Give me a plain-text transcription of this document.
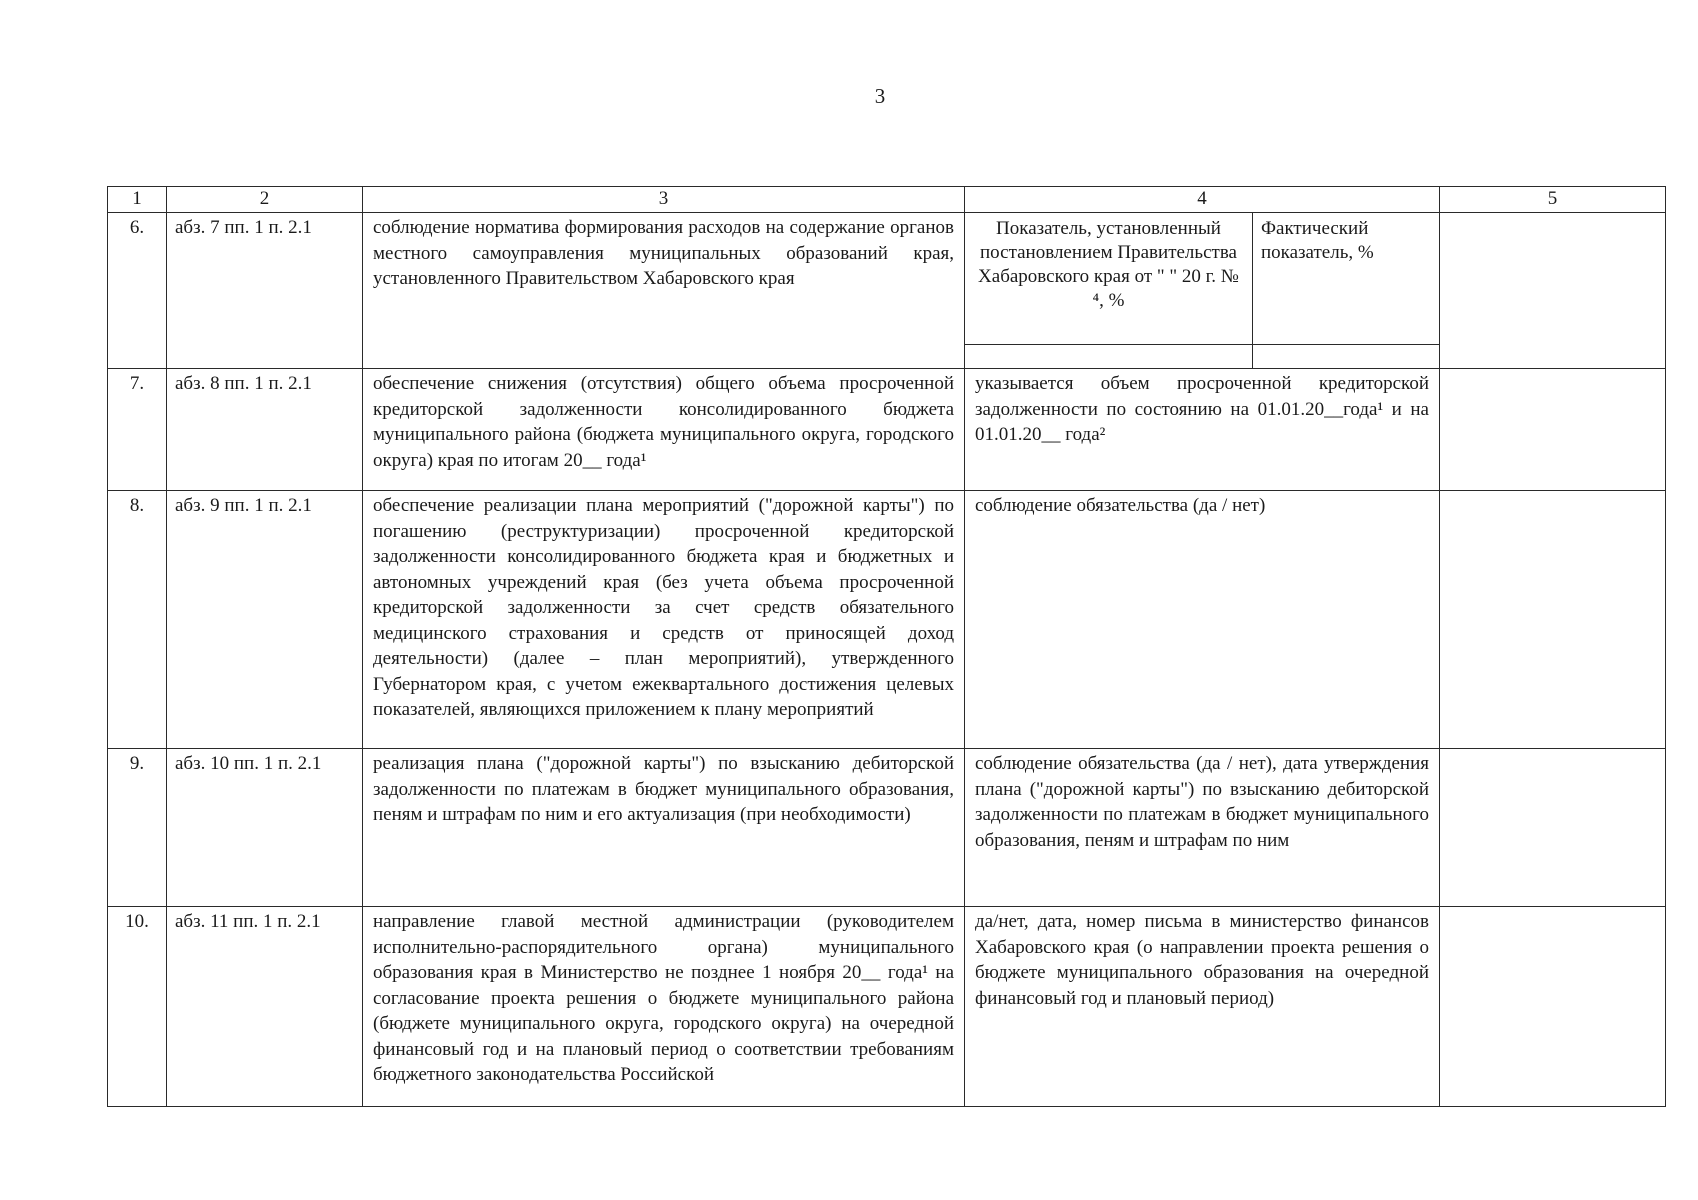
3
1	2	3	4		5
6.	абз. 7 пп. 1 п. 2.1	соблюдение норматива формирования расходов на содержание органов местного самоуправления муниципальных образований края, установленного Правительством Хабаровского края	Показатель, установленный постановлением Правительства Хабаровского края от " " 20 г. № ⁴, %	Фактический показатель, %	

7.	абз. 8 пп. 1 п. 2.1	обеспечение снижения (отсутствия) общего объема просроченной кредиторской задолженности консолидированного бюджета муниципального района (бюджета муниципального округа, городского округа) края по итогам 20__ года¹	указывается объем просроченной кредиторской задолженности по состоянию на 01.01.20__года¹ и на 01.01.20__ года²		
8.	абз. 9 пп. 1 п. 2.1	обеспечение реализации плана мероприятий ("дорожной карты") по погашению (реструктуризации) просроченной кредиторской задолженности консолидированного бюджета края и бюджетных и автономных учреждений края (без учета объема просроченной кредиторской задолженности за счет средств обязательного медицинского страхования и средств от приносящей доход деятельности) (далее – план мероприятий), утвержденного Губернатором края, с учетом ежеквартального достижения целевых показателей, являющихся приложением к плану мероприятий	соблюдение обязательства (да / нет)		
9.	абз. 10 пп. 1 п. 2.1	реализация плана ("дорожной карты") по взысканию дебиторской задолженности по платежам в бюджет муниципального образования, пеням и штрафам по ним и его актуализация (при необходимости)	соблюдение обязательства (да / нет), дата утверждения плана ("дорожной карты") по взысканию дебиторской задолженности по платежам в бюджет муниципального образования, пеням и штрафам по ним		
10.	абз. 11 пп. 1 п. 2.1	направление главой местной администрации (руководителем исполнительно-распорядительного органа) муниципального образования края в Министерство не позднее 1 ноября 20__ года¹ на согласование проекта решения о бюджете муниципального района (бюджете муниципального округа, городского округа) на очередной финансовый год и на плановый период о соответствии требованиям бюджетного законодательства Российской	да/нет, дата, номер письма в министерство финансов Хабаровского края (о направлении проекта решения о бюджете муниципального образования на очередной финансовый год и плановый период)		
